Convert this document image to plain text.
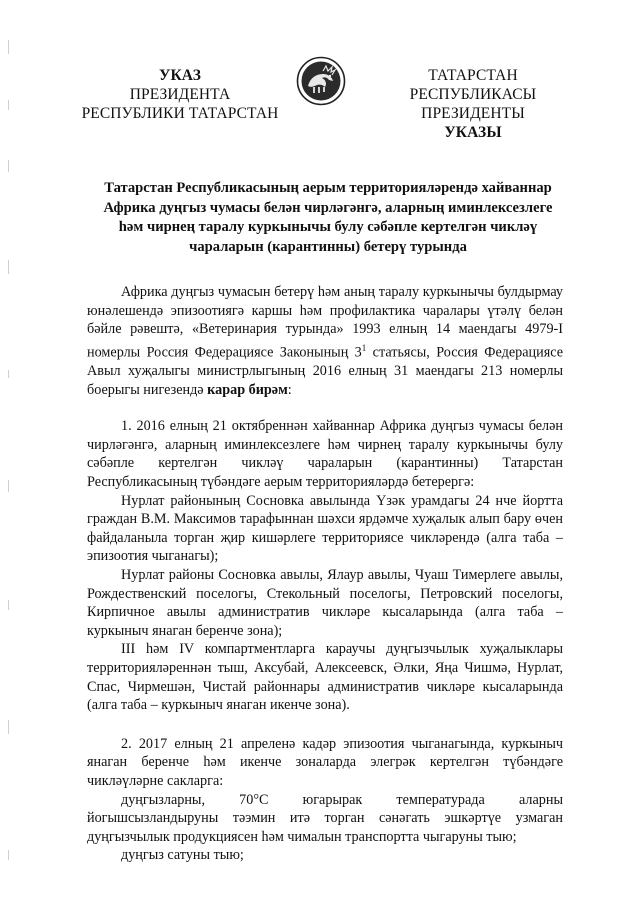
УКАЗ
ПРЕЗИДЕНТА
РЕСПУБЛИКИ ТАТАРСТАН
ТАТАРСТАН РЕСПУБЛИКАСЫ
ПРЕЗИДЕНТЫ
УКАЗЫ
Татарстан Республикасының аерым территорияләрендә хайваннар Африка дуңгыз чумасы белән чирләгәнгә, аларның иминлексезлеге һәм чирнең таралу куркынычы булу сәбәпле кертелгән чикләү чараларын (карантинны) бетерү турында

Африка дуңгыз чумасын бетерү һәм аның таралу куркынычы булдырмау юнәлешендә эпизоотиягә каршы һәм профилактика чаралары үтәлү белән бәйле рәвештә, «Ветеринария турында» 1993 елның 14 маендагы 4979-I номерлы Россия Федерациясе Законының $3^1$ статьясы, Россия Федерациясе Авыл хуҗалыгы министрлыгының 2016 елның 31 маендагы 213 номерлы боерыгы нигезендә карар бирәм:

1. 2016 елның 21 октябреннән хайваннар Африка дуңгыз чумасы белән чирләгәнгә, аларның иминлексезлеге һәм чирнең таралу куркынычы булу сәбәпле кертелгән чикләү чараларын (карантинны) Татарстан Республикасының түбәндәге аерым территорияләрдә бетерергә:

Нурлат районының Сосновка авылында Үзәк урамдагы 24 нче йортта граждан В.М. Максимов тарафыннан шәхси ярдәмче хуҗалык алып бару өчен файдаланыла торган җир кишәрлеге территориясе чикләрендә (алга таба – эпизоотия чыганагы);

Нурлат районы Сосновка авылы, Ялаур авылы, Чуаш Тимерлеге авылы, Рождественский поселогы, Стекольный поселогы, Петровский поселогы, Кирпичное авылы административ чикләре кысаларында (алга таба – куркыныч янаган беренче зона);

III һәм IV компартментларга караучы дуңгызчылык хуҗалыклары территорияләреннән тыш, Аксубай, Алексеевск, Әлки, Яңа Чишмә, Нурлат, Спас, Чирмешән, Чистай районнары административ чикләре кысаларында (алга таба – куркыныч янаган икенче зона).

2. 2017 елның 21 апреленә кадәр эпизоотия чыганагында, куркыныч янаган беренче һәм икенче зоналарда элегрәк кертелгән түбәндәге чикләүләрне сакларга:

дуңгызларны, 70°С югарырак температурада аларны йогышсызландыруны тәэмин итә торган сәнәгать эшкәртүе узмаган дуңгызчылык продукциясен һәм чималын транспортта чыгаруны тыю;

дуңгыз сатуны тыю;
